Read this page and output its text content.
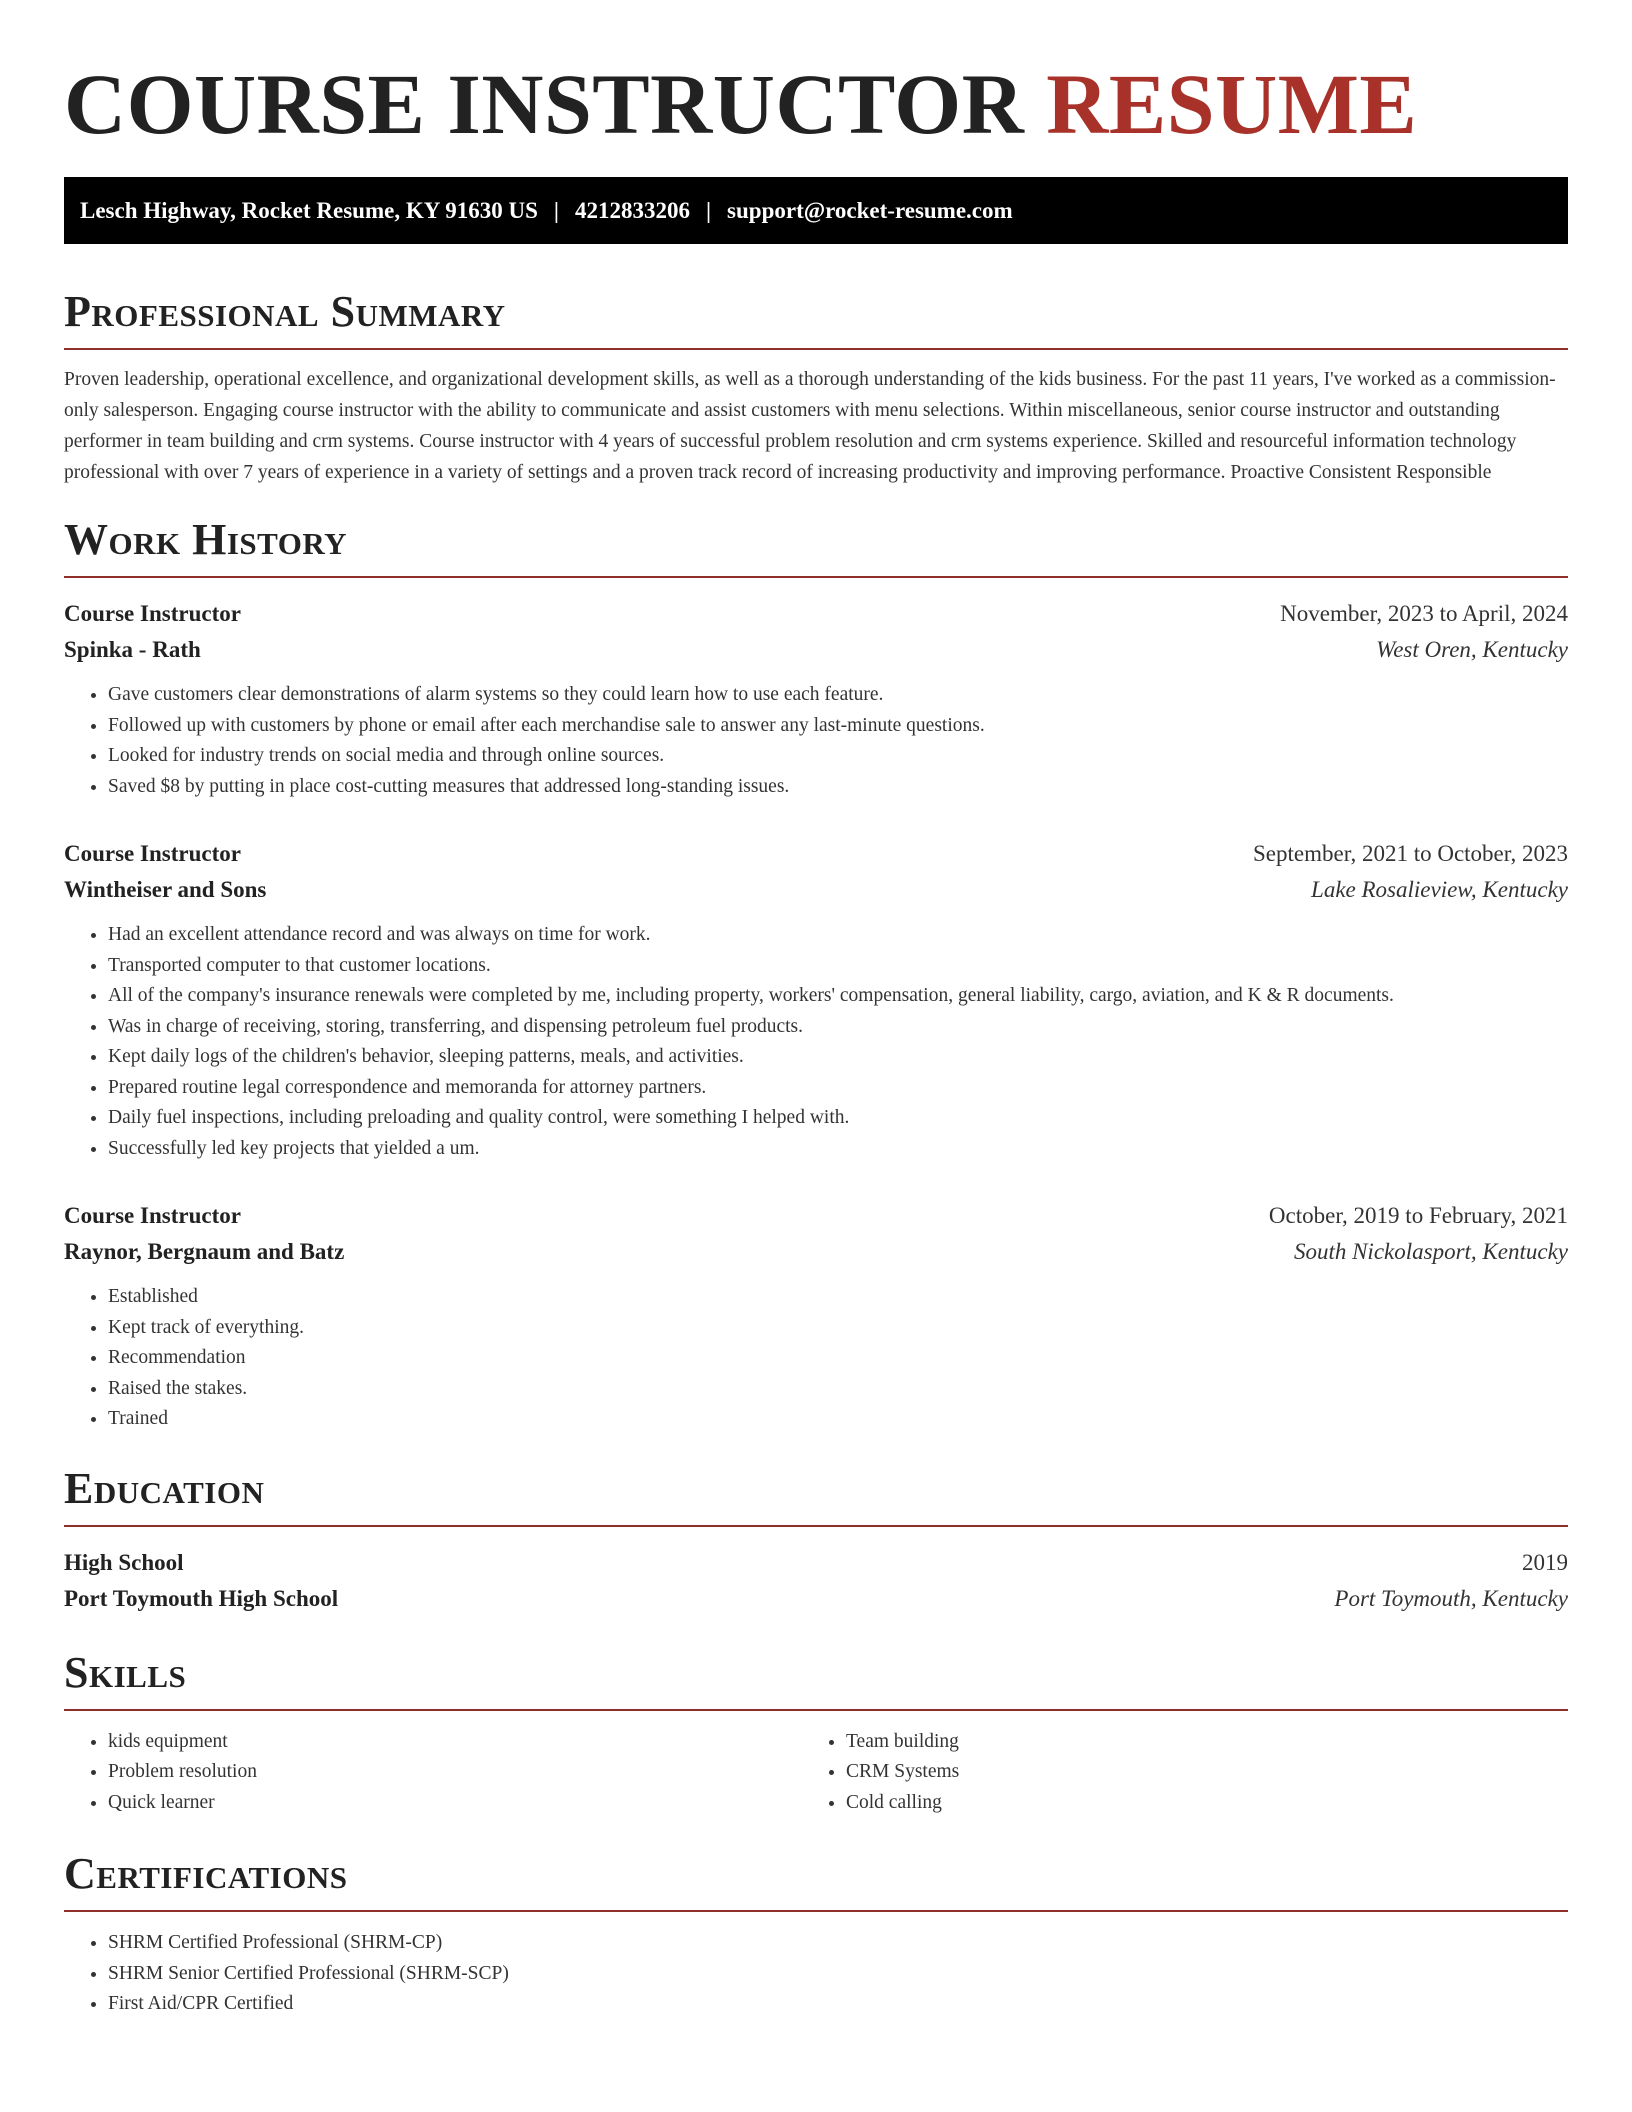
COURSE INSTRUCTOR RESUME
Lesch Highway, Rocket Resume, KY 91630 US | 4212833206 | support@rocket-resume.com
Professional Summary

Proven leadership, operational excellence, and organizational development skills, as well as a thorough understanding of the kids business. For the past 11 years, I've worked as a commission-only salesperson. Engaging course instructor with the ability to communicate and assist customers with menu selections. Within miscellaneous, senior course instructor and outstanding performer in team building and crm systems. Course instructor with 4 years of successful problem resolution and crm systems experience. Skilled and resourceful information technology professional with over 7 years of experience in a variety of settings and a proven track record of increasing productivity and improving performance. Proactive Consistent Responsible

Work History
Course Instructor	November, 2023 to April, 2024
Spinka - Rath	West Oren, Kentucky
• Gave customers clear demonstrations of alarm systems so they could learn how to use each feature.
• Followed up with customers by phone or email after each merchandise sale to answer any last-minute questions.
• Looked for industry trends on social media and through online sources.
• Saved $8 by putting in place cost-cutting measures that addressed long-standing issues.
Course Instructor	September, 2021 to October, 2023
Wintheiser and Sons	Lake Rosalieview, Kentucky
• Had an excellent attendance record and was always on time for work.
• Transported computer to that customer locations.
• All of the company's insurance renewals were completed by me, including property, workers' compensation, general liability, cargo, aviation, and K & R documents.
• Was in charge of receiving, storing, transferring, and dispensing petroleum fuel products.
• Kept daily logs of the children's behavior, sleeping patterns, meals, and activities.
• Prepared routine legal correspondence and memoranda for attorney partners.
• Daily fuel inspections, including preloading and quality control, were something I helped with.
• Successfully led key projects that yielded a um.
Course Instructor	October, 2019 to February, 2021
Raynor, Bergnaum and Batz	South Nickolasport, Kentucky
• Established
• Kept track of everything.
• Recommendation
• Raised the stakes.
• Trained
Education
High School	2019
Port Toymouth High School	Port Toymouth, Kentucky
Skills
• kids equipment
• Problem resolution
• Quick learner
• Team building
• CRM Systems
• Cold calling
Certifications
• SHRM Certified Professional (SHRM-CP)
• SHRM Senior Certified Professional (SHRM-SCP)
• First Aid/CPR Certified
